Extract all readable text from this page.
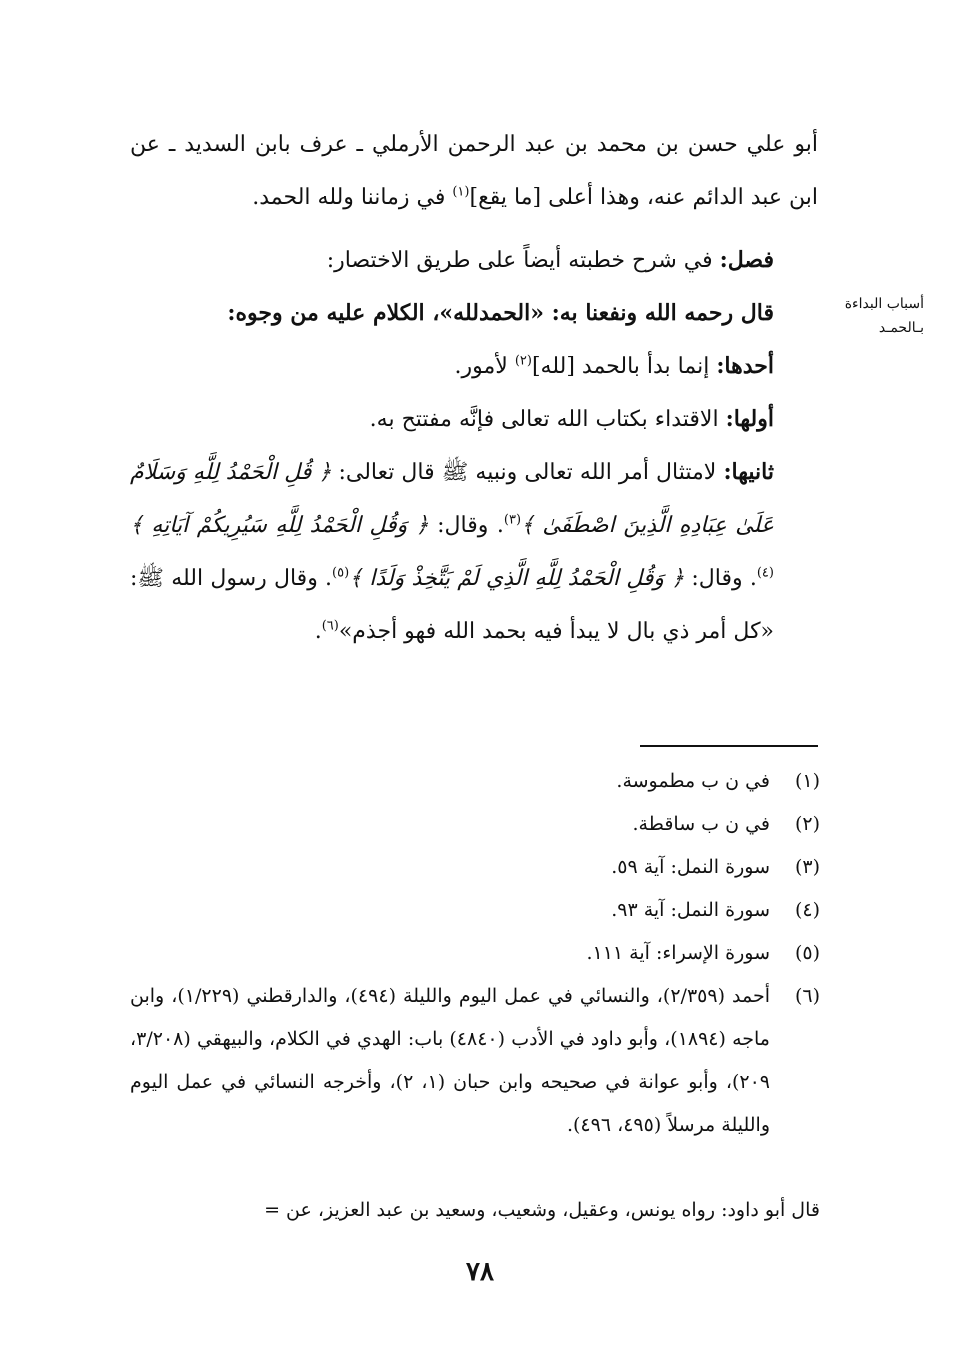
أسباب البداءة بـالحمـد

أبو علي حسن بن محمد بن عبد الرحمن الأرملي ـ عرف بابن السديد ـ عن ابن عبد الدائم عنه، وهذا أعلى [ما يقع]$^{(١)}$ في زماننا ولله الحمد.

فصل: في شرح خطبته أيضاً على طريق الاختصار:

قال رحمه الله ونفعنا به: «الحمدلله»، الكلام عليه من وجوه:

أحدها: إنما بدأ بالحمد [لله]$^{(٢)}$ لأمور.

أولها: الاقتداء بكتاب الله تعالى فإنَّه مفتتح به.

ثانيها: لامتثال أمر الله تعالى ونبيه ﷺ قال تعالى: ﴿ قُلِ الْحَمْدُ لِلَّهِ وَسَلَامٌ عَلَىٰ عِبَادِهِ الَّذِينَ اصْطَفَىٰ ﴾$^{(٣)}$. وقال: ﴿ وَقُلِ الْحَمْدُ لِلَّهِ سَيُرِيكُمْ آيَاتِهِ ﴾$^{(٤)}$. وقال: ﴿ وَقُلِ الْحَمْدُ لِلَّهِ الَّذِي لَمْ يَتَّخِذْ وَلَدًا ﴾$^{(٥)}$. وقال رسول الله ﷺ: «كل أمر ذي بال لا يبدأ فيه بحمد الله فهو أجذم»$^{(٦)}$.

(١)
في ن ب مطموسة.
(٢)
في ن ب ساقطة.
(٣)
سورة النمل: آية ٥٩.
(٤)
سورة النمل: آية ٩٣.
(٥)
سورة الإسراء: آية ١١١.
(٦)
أحمد (٢/٣٥٩)، والنسائي في عمل اليوم والليلة (٤٩٤)، والدارقطني (١/٢٢٩)، وابن ماجه (١٨٩٤)، وأبو داود في الأدب (٤٨٤٠) باب: الهدي في الكلام، والبيهقي (٣/٢٠٨، ٢٠٩)، وأبو عوانة في صحيحه وابن حبان (١، ٢)، وأخرجه النسائي في عمل اليوم والليلة مرسلاً (٤٩٥، ٤٩٦).
قال أبو داود: رواه يونس، وعقيل، وشعيب، وسعيد بن عبد العزيز، عن =
٧٨
